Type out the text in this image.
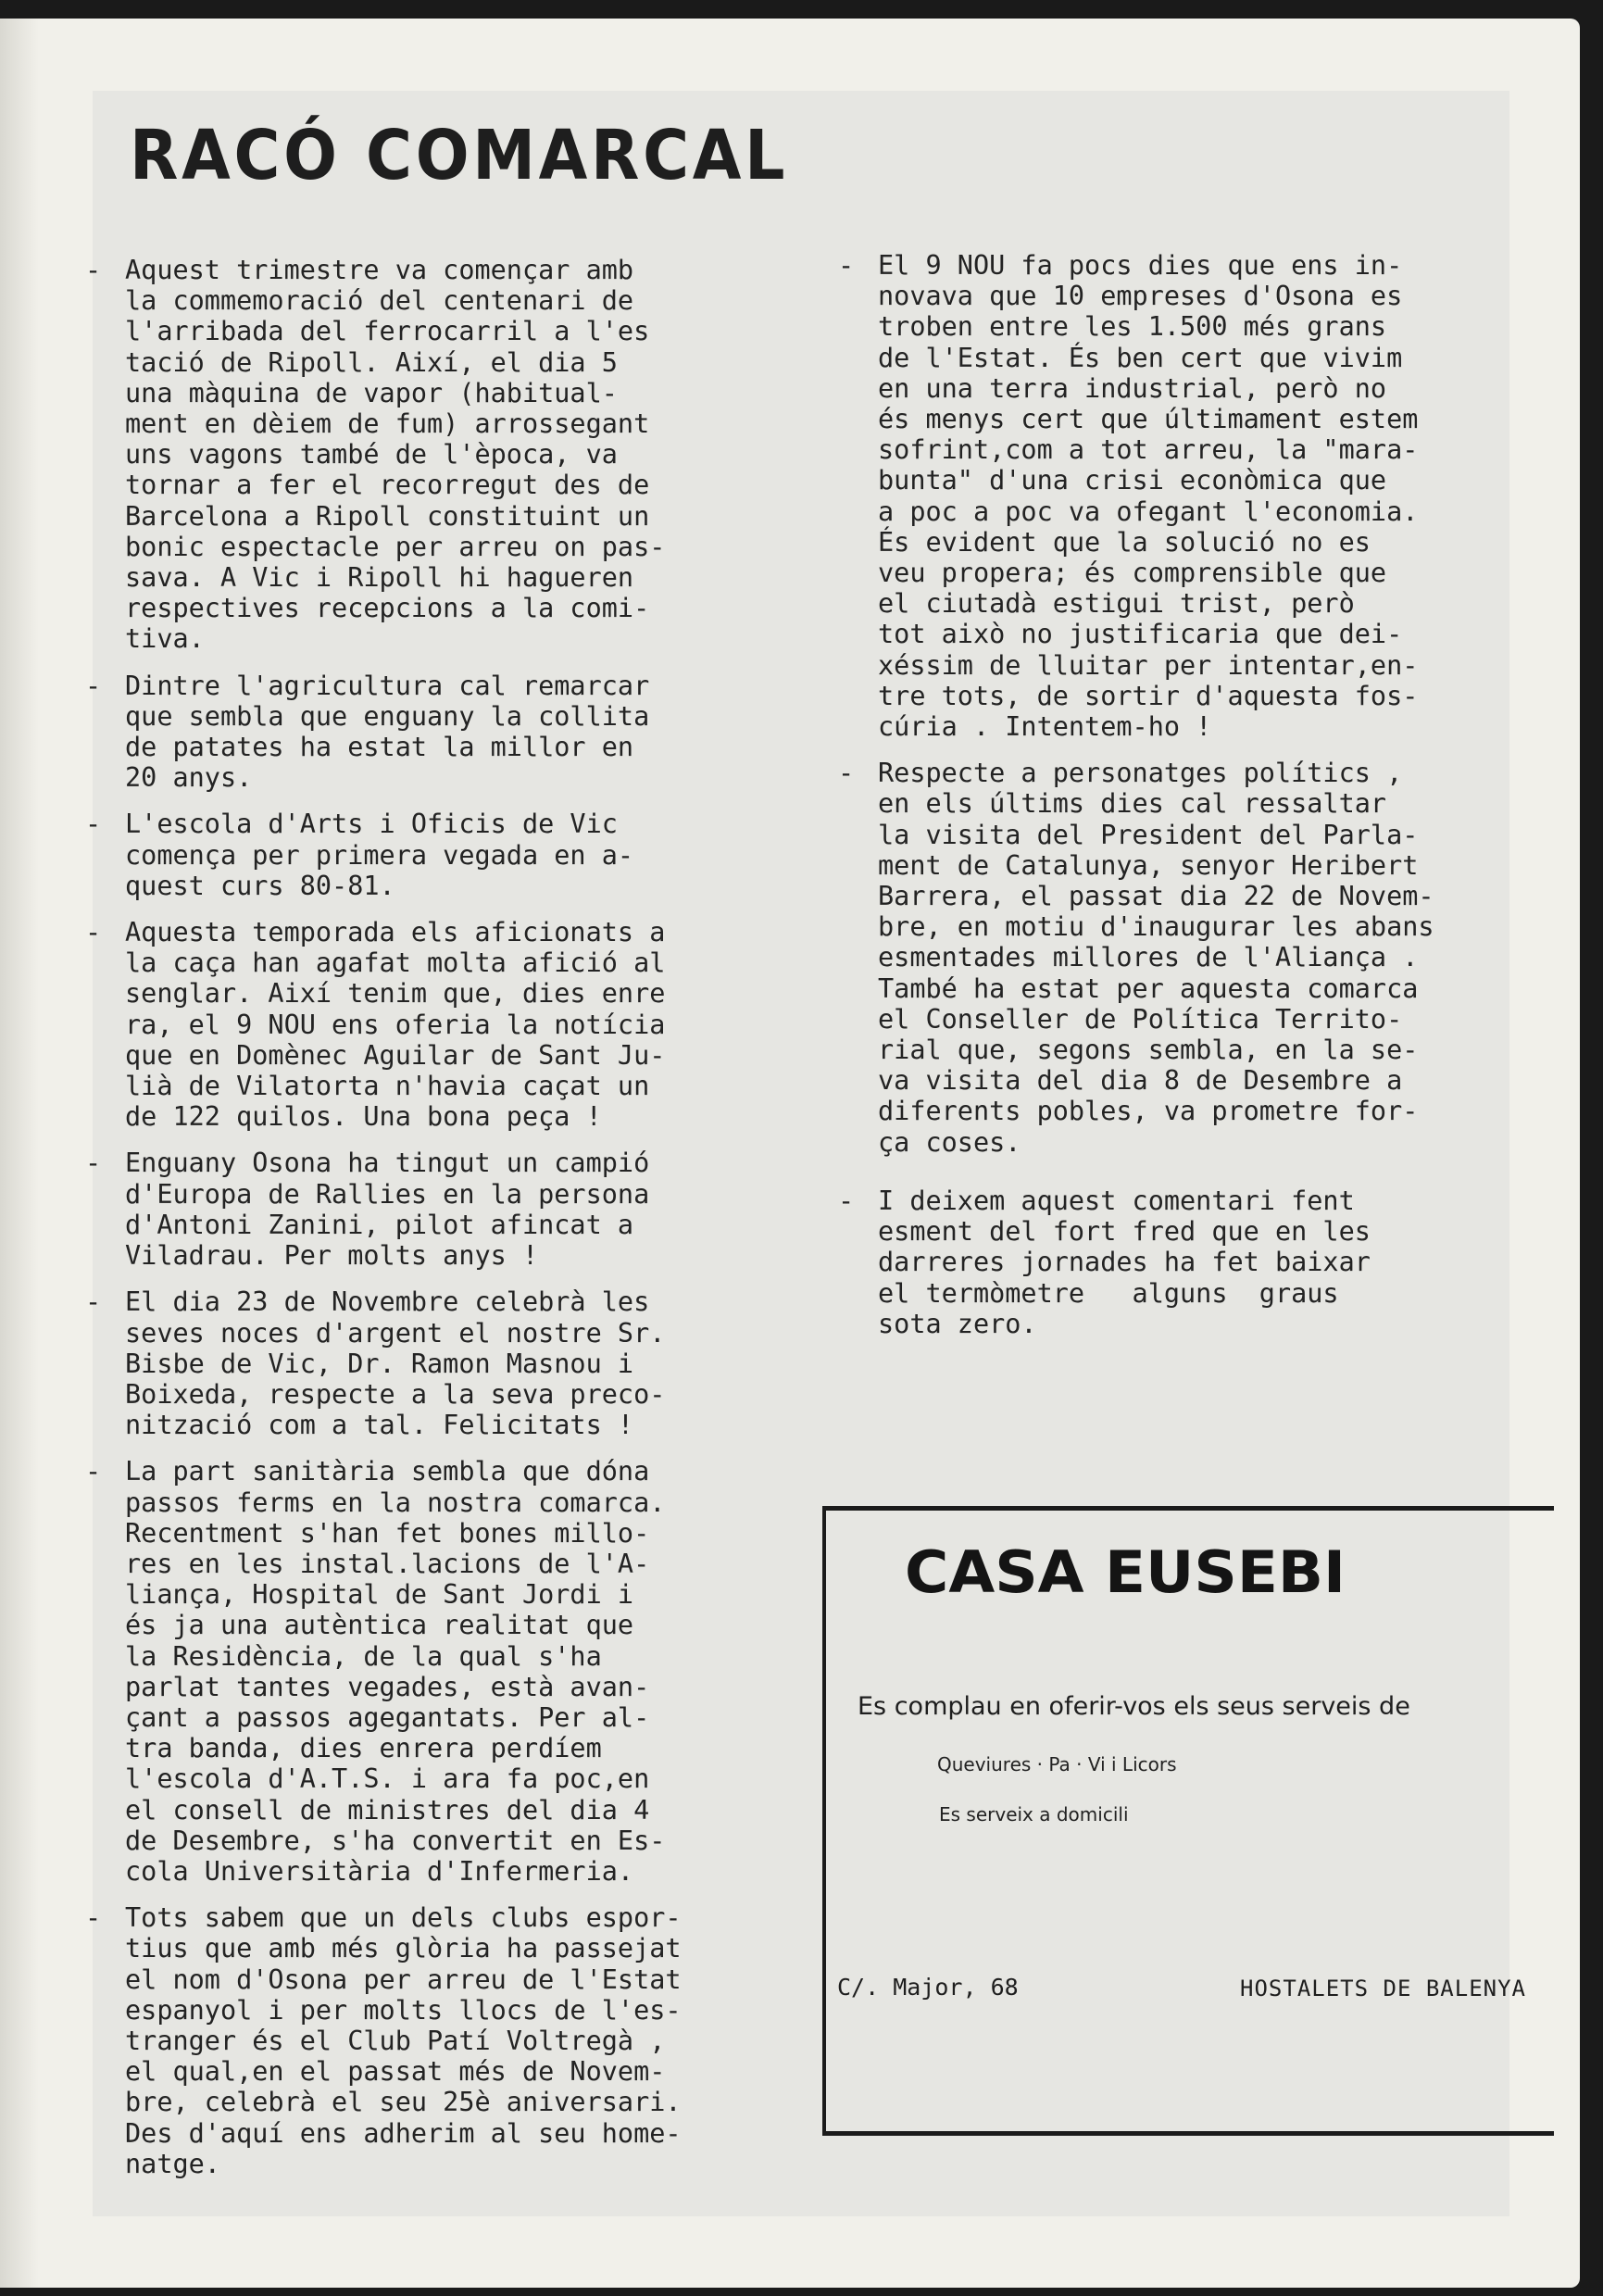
RACÓ COMARCAL
- Aquest trimestre va començar amb
la commemoració del centenari de
l'arribada del ferrocarril a l'es
tació de Ripoll. Així, el dia 5
una màquina de vapor (habitual-
ment en dèiem de fum) arrossegant
uns vagons també de l'època, va
tornar a fer el recorregut des de
Barcelona a Ripoll constituint un
bonic espectacle per arreu on pas-
sava. A Vic i Ripoll hi hagueren
respectives recepcions a la comi-
tiva.
- Dintre l'agricultura cal remarcar
que sembla que enguany la collita
de patates ha estat la millor en
20 anys.
- L'escola d'Arts i Oficis de Vic
comença per primera vegada en a-
quest curs 80-81.
- Aquesta temporada els aficionats a
la caça han agafat molta afició al
senglar. Així tenim que, dies enre
ra, el 9 NOU ens oferia la notícia
que en Domènec Aguilar de Sant Ju-
lià de Vilatorta n'havia caçat un
de 122 quilos. Una bona peça !
- Enguany Osona ha tingut un campió
d'Europa de Rallies en la persona
d'Antoni Zanini, pilot afincat a
Viladrau. Per molts anys !
- El dia 23 de Novembre celebrà les
seves noces d'argent el nostre Sr.
Bisbe de Vic, Dr. Ramon Masnou i
Boixeda, respecte a la seva preco-
nització com a tal. Felicitats !
- La part sanitària sembla que dóna
passos ferms en la nostra comarca.
Recentment s'han fet bones millo-
res en les instal.lacions de l'A-
liança, Hospital de Sant Jordi i
és ja una autèntica realitat que
la Residència, de la qual s'ha
parlat tantes vegades, està avan-
çant a passos agegantats. Per al-
tra banda, dies enrera perdíem
l'escola d'A.T.S. i ara fa poc,en
el consell de ministres del dia 4
de Desembre, s'ha convertit en Es-
cola Universitària d'Infermeria.
- Tots sabem que un dels clubs espor-
tius que amb més glòria ha passejat
el nom d'Osona per arreu de l'Estat
espanyol i per molts llocs de l'es-
tranger és el Club Patí Voltregà ,
el qual,en el passat més de Novem-
bre, celebrà el seu 25è aniversari.
Des d'aquí ens adherim al seu home-
natge.
- El 9 NOU fa pocs dies que ens in-
novava que 10 empreses d'Osona es
troben entre les 1.500 més grans
de l'Estat. És ben cert que vivim
en una terra industrial, però no
és menys cert que últimament estem
sofrint,com a tot arreu, la "mara-
bunta" d'una crisi econòmica que
a poc a poc va ofegant l'economia.
És evident que la solució no es
veu propera; és comprensible que
el ciutadà estigui trist, però
tot això no justificaria que dei-
xéssim de lluitar per intentar,en-
tre tots, de sortir d'aquesta fos-
cúria . Intentem-ho !
- Respecte a personatges polítics ,
en els últims dies cal ressaltar
la visita del President del Parla-
ment de Catalunya, senyor Heribert
Barrera, el passat dia 22 de Novem-
bre, en motiu d'inaugurar les abans
esmentades millores de l'Aliança .
També ha estat per aquesta comarca
el Conseller de Política Territo-
rial que, segons sembla, en la se-
va visita del dia 8 de Desembre a
diferents pobles, va prometre for-
ça coses.
- I deixem aquest comentari fent
esment del fort fred que en les
darreres jornades ha fet baixar
el termòmetre   alguns  graus
sota zero.
CASA EUSEBI
Es complau en oferir-vos els seus serveis de
Queviures · Pa · Vi i Licors
Es serveix a domicili
C/. Major, 68	HOSTALETS DE BALENYA
